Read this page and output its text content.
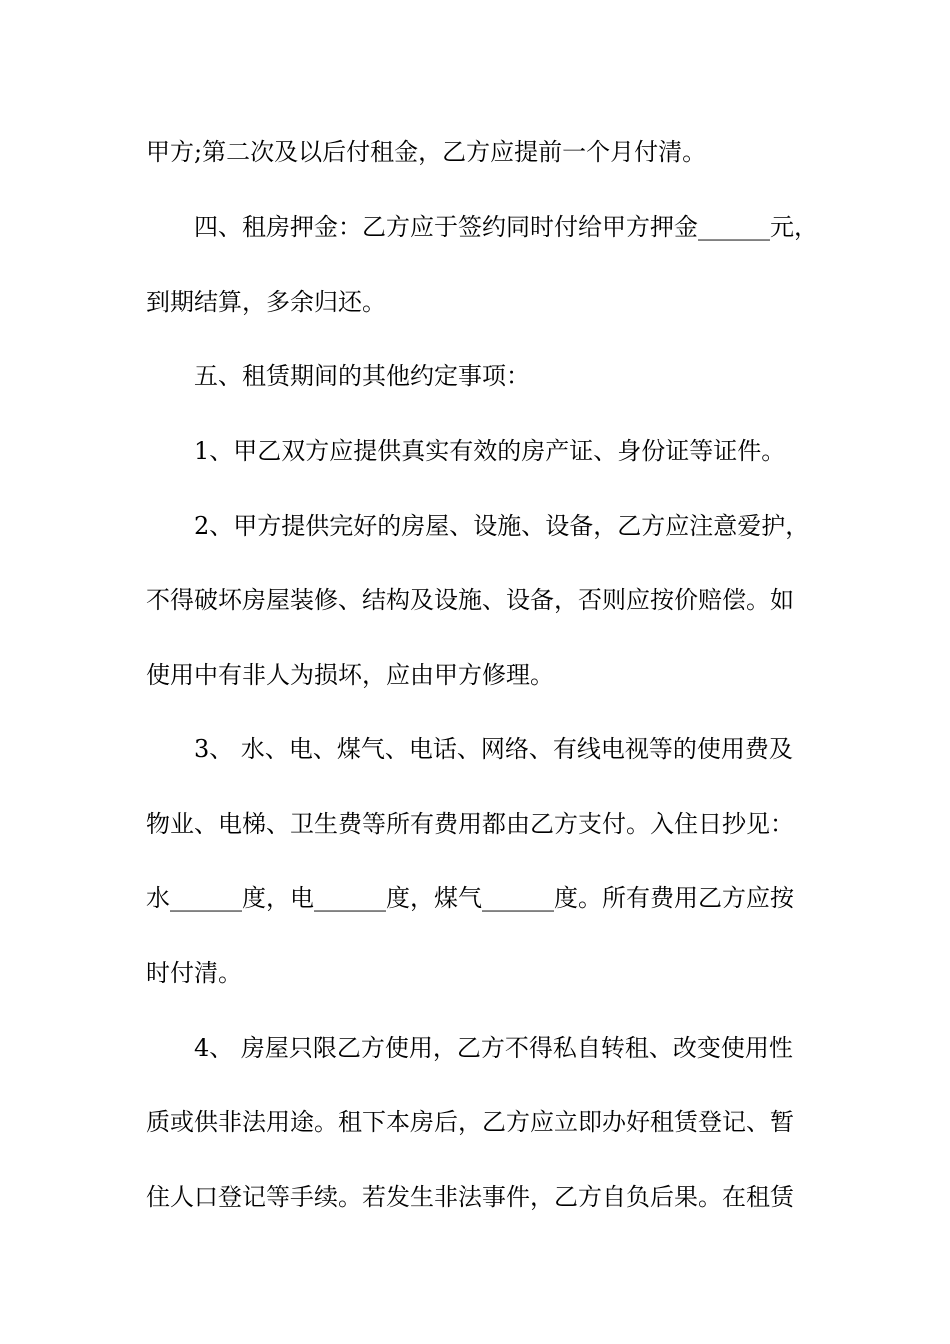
甲方;第二次及以后付租金，乙方应提前一个月付清。
四、租房押金：乙方应于签约同时付给甲方押金______元，
到期结算，多余归还。
五、租赁期间的其他约定事项：
1、甲乙双方应提供真实有效的房产证、身份证等证件。
2、甲方提供完好的房屋、设施、设备，乙方应注意爱护，
不得破坏房屋装修、结构及设施、设备，否则应按价赔偿。如
使用中有非人为损坏，应由甲方修理。
3、 水、电、煤气、电话、网络、有线电视等的使用费及
物业、电梯、卫生费等所有费用都由乙方支付。入住日抄见：
水______度，电______度，煤气______度。所有费用乙方应按
时付清。
4、 房屋只限乙方使用，乙方不得私自转租、改变使用性
质或供非法用途。租下本房后，乙方应立即办好租赁登记、暂
住人口登记等手续。若发生非法事件，乙方自负后果。在租赁
